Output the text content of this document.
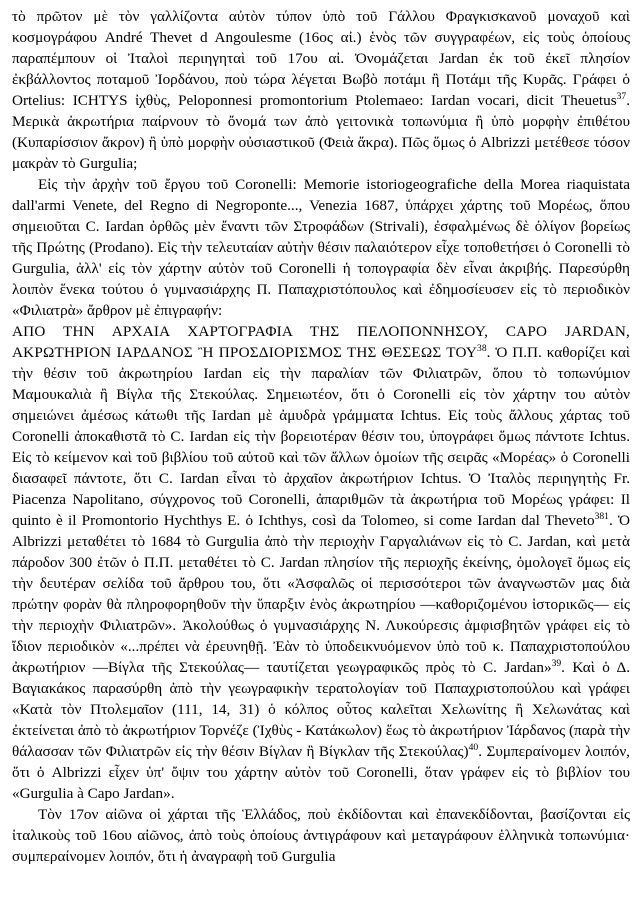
τὸ πρῶτον μὲ τὸν γαλλίζοντα αὐτὸν τύπον ὑπὸ τοῦ Γάλλου Φραγκισκανοῦ μοναχοῦ καὶ κοσμογράφου André Thevet d Angoulesme (16ος αἰ.) ἑνὸς τῶν συγγραφέων, εἰς τοὺς ὁποίους παραπέμπουν οἱ Ἰταλοὶ περιηγηταὶ τοῦ 17ου αἰ. Ὀνομάζεται Jardan ἐκ τοῦ ἐκεῖ πλησίον ἐκβάλλοντος ποταμοῦ Ἰορδάνου, ποὺ τώρα λέγεται Βωβὸ ποτάμι ἢ Ποτάμι τῆς Κυρᾶς. Γράφει ὁ Ortelius: ICHTYS ἰχθὺς, Peloponnesi promontorium Ptolemaeo: Iardan vocari, dicit Theuetus$^{37}$. Μερικὰ ἀκρωτήρια παίρνουν τὸ ὄνομά των ἀπὸ γειτονικὰ τοπωνύμια ἢ ὑπὸ μορφὴν ἐπιθέτου (Κυπαρίσσιον ἄκρον) ἢ ὑπὸ μορφὴν οὐσιαστικοῦ (Φειὰ ἄκρα). Πῶς ὅμως ὁ Albrizzi μετέθεσε τόσον μακρὰν τὸ Gurgulia;

Εἰς τὴν ἀρχὴν τοῦ ἔργου τοῦ Coronelli: Memorie istoriogeografiche della Morea riaquistata dall'armi Venete, del Regno di Negroponte..., Venezia 1687, ὑπάρχει χάρτης τοῦ Μορέως, ὅπου σημειοῦται C. Iardan ὀρθῶς μὲν ἔναντι τῶν Στροφάδων (Strivali), ἐσφαλμένως δὲ ὀλίγον βορείως τῆς Πρώτης (Prodano). Εἰς τὴν τελευταίαν αὐτὴν θέσιν παλαιότερον εἶχε τοποθετήσει ὁ Coronelli τὸ Gurgulia, ἀλλ' εἰς τὸν χάρτην αὐτὸν τοῦ Coronelli ἡ τοπογραφία δὲν εἶναι ἀκριβής. Παρεσύρθη λοιπὸν ἕνεκα τούτου ὁ γυμνασιάρχης Π. Παπαχριστόπουλος καὶ ἐδημοσίευσεν εἰς τὸ περιοδικὸν «Φιλιατρὰ» ἄρθρον μὲ ἐπιγραφήν:

ΑΠΟ ΤΗΝ ΑΡΧΑΙΑ ΧΑΡΤΟΓΡΑΦΙΑ ΤΗΣ ΠΕΛΟΠΟΝΝΗΣΟΥ, CAPO JARDAN, ΑΚΡΩΤΗΡΙΟΝ ΙΑΡΔΑΝΟΣ Ἢ ΠΡΟΣΔΙΟΡΙΣΜΟΣ ΤΗΣ ΘΕΣΕΩΣ ΤΟΥ$^{38}$. Ὁ Π.Π. καθορίζει καὶ τὴν θέσιν τοῦ ἀκρωτηρίου Iardan εἰς τὴν παραλίαν τῶν Φιλιατρῶν, ὅπου τὸ τοπωνύμιον Μαμουκαλιὰ ἢ Βίγλα τῆς Στεκούλας. Σημειωτέον, ὅτι ὁ Coronelli εἰς τὸν χάρτην του αὐτὸν σημειώνει ἀμέσως κάτωθι τῆς Iardan μὲ ἀμυδρὰ γράμματα Ichtus. Εἰς τοὺς ἄλλους χάρτας τοῦ Coronelli ἀποκαθιστᾶ τὸ C. Iardan εἰς τὴν βορειοτέραν θέσιν του, ὑπογράφει ὅμως πάντοτε Ichtus. Εἰς τὸ κείμενον καὶ τοῦ βιβλίου τοῦ αὐτοῦ καὶ τῶν ἄλλων ὁμοίων τῆς σειρᾶς «Μορέας» ὁ Coronelli διασαφεῖ πάντοτε, ὅτι C. Iardan εἶναι τὸ ἀρχαῖον ἀκρωτήριον Ichtus. Ὁ Ἰταλὸς περιηγητὴς Fr. Piacenza Napolitano, σύγχρονος τοῦ Coronelli, ἀπαριθμῶν τὰ ἀκρωτήρια τοῦ Μορέως γράφει: Il quinto è il Promontorio Hychthys E. ὁ Ichthys, così da Tolomeo, si come Iardan dal Thevetο$^{381}$. Ὁ Albrizzi μεταθέτει τὸ 1684 τὸ Gurgulia ἀπὸ τὴν περιοχὴν Γαργαλιάνων εἰς τὸ C. Jardan, καὶ μετὰ πάροδον 300 ἐτῶν ὁ Π.Π. μεταθέτει τὸ C. Jardan πλησίον τῆς περιοχῆς ἐκείνης, ὁμολογεῖ ὅμως εἰς τὴν δευτέραν σελίδα τοῦ ἄρθρου του, ὅτι «Ἀσφαλῶς οἱ περισσότεροι τῶν ἀναγνωστῶν μας διὰ πρώτην φορὰν θὰ πληροφορηθοῦν τὴν ὕπαρξιν ἑνὸς ἀκρωτηρίου —καθοριζομένου ἱστορικῶς— εἰς τὴν περιοχὴν Φιλιατρῶν». Ἀκολούθως ὁ γυμνασιάρχης Ν. Λυκούρεσις ἀμφισβητῶν γράφει εἰς τὸ ἴδιον περιοδικὸν «...πρέπει νὰ ἐρευνηθῇ. Ἐὰν τὸ ὑποδεικνυόμενον ὑπὸ τοῦ κ. Παπαχριστοπούλου ἀκρωτήριον —Βίγλα τῆς Στεκούλας— ταυτίζεται γεωγραφικῶς πρὸς τὸ C. Jardan»$^{39}$. Καὶ ὁ Δ. Βαγιακάκος παρασύρθη ἀπὸ τὴν γεωγραφικὴν τερατολογίαν τοῦ Παπαχριστοπούλου καὶ γράφει «Κατὰ τὸν Πτολεμαῖον (111, 14, 31) ὁ κόλπος οὗτος καλεῖται Χελωνίτης ἢ Χελωνάτας καὶ ἐκτείνεται ἀπὸ τὸ ἀκρωτήριον Τορνέζε (Ἰχθὺς - Κατάκωλον) ἕως τὸ ἀκρωτήριον Ἰάρδανος (παρὰ τὴν θάλασσαν τῶν Φιλιατρῶν εἰς τὴν θέσιν Βίγλαν ἢ Βίγκλαν τῆς Στεκούλας)$^{40}$. Συμπεραίνομεν λοιπόν, ὅτι ὁ Albrizzi εἶχεν ὑπ' ὄψιν του χάρτην αὐτὸν τοῦ Coronelli, ὅταν γράφεν εἰς τὸ βιβλίον του «Gurgulia à Capo Jardan».

Τὸν 17ον αἰῶνα οἱ χάρται τῆς Ἑλλάδος, ποὺ ἐκδίδονται καὶ ἐπανεκδίδονται, βασίζονται εἰς ἰταλικοὺς τοῦ 16ου αἰῶνος, ἀπὸ τοὺς ὁποίους ἀντιγράφουν καὶ μεταγράφουν ἑλληνικὰ τοπωνύμια· συμπεραίνομεν λοιπόν, ὅτι ἡ ἀναγραφὴ τοῦ Gurgulia
